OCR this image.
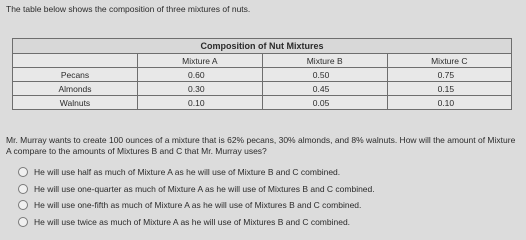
The table below shows the composition of three mixtures of nuts.
Composition of Nut Mixtures
	Mixture A	Mixture B	Mixture C
Pecans	0.60	0.50	0.75
Almonds	0.30	0.45	0.15
Walnuts	0.10	0.05	0.10
Mr. Murray wants to create 100 ounces of a mixture that is 62% pecans, 30% almonds, and 8% walnuts. How will the amount of Mixture A compare to the amounts of Mixtures B and C that Mr. Murray uses?
He will use half as much of Mixture A as he will use of Mixture B and C combined.
He will use one-quarter as much of Mixture A as he will use of Mixtures B and C combined.
He will use one-fifth as much of Mixture A as he will use of Mixtures B and C combined.
He will use twice as much of Mixture A as he will use of Mixtures B and C combined.
